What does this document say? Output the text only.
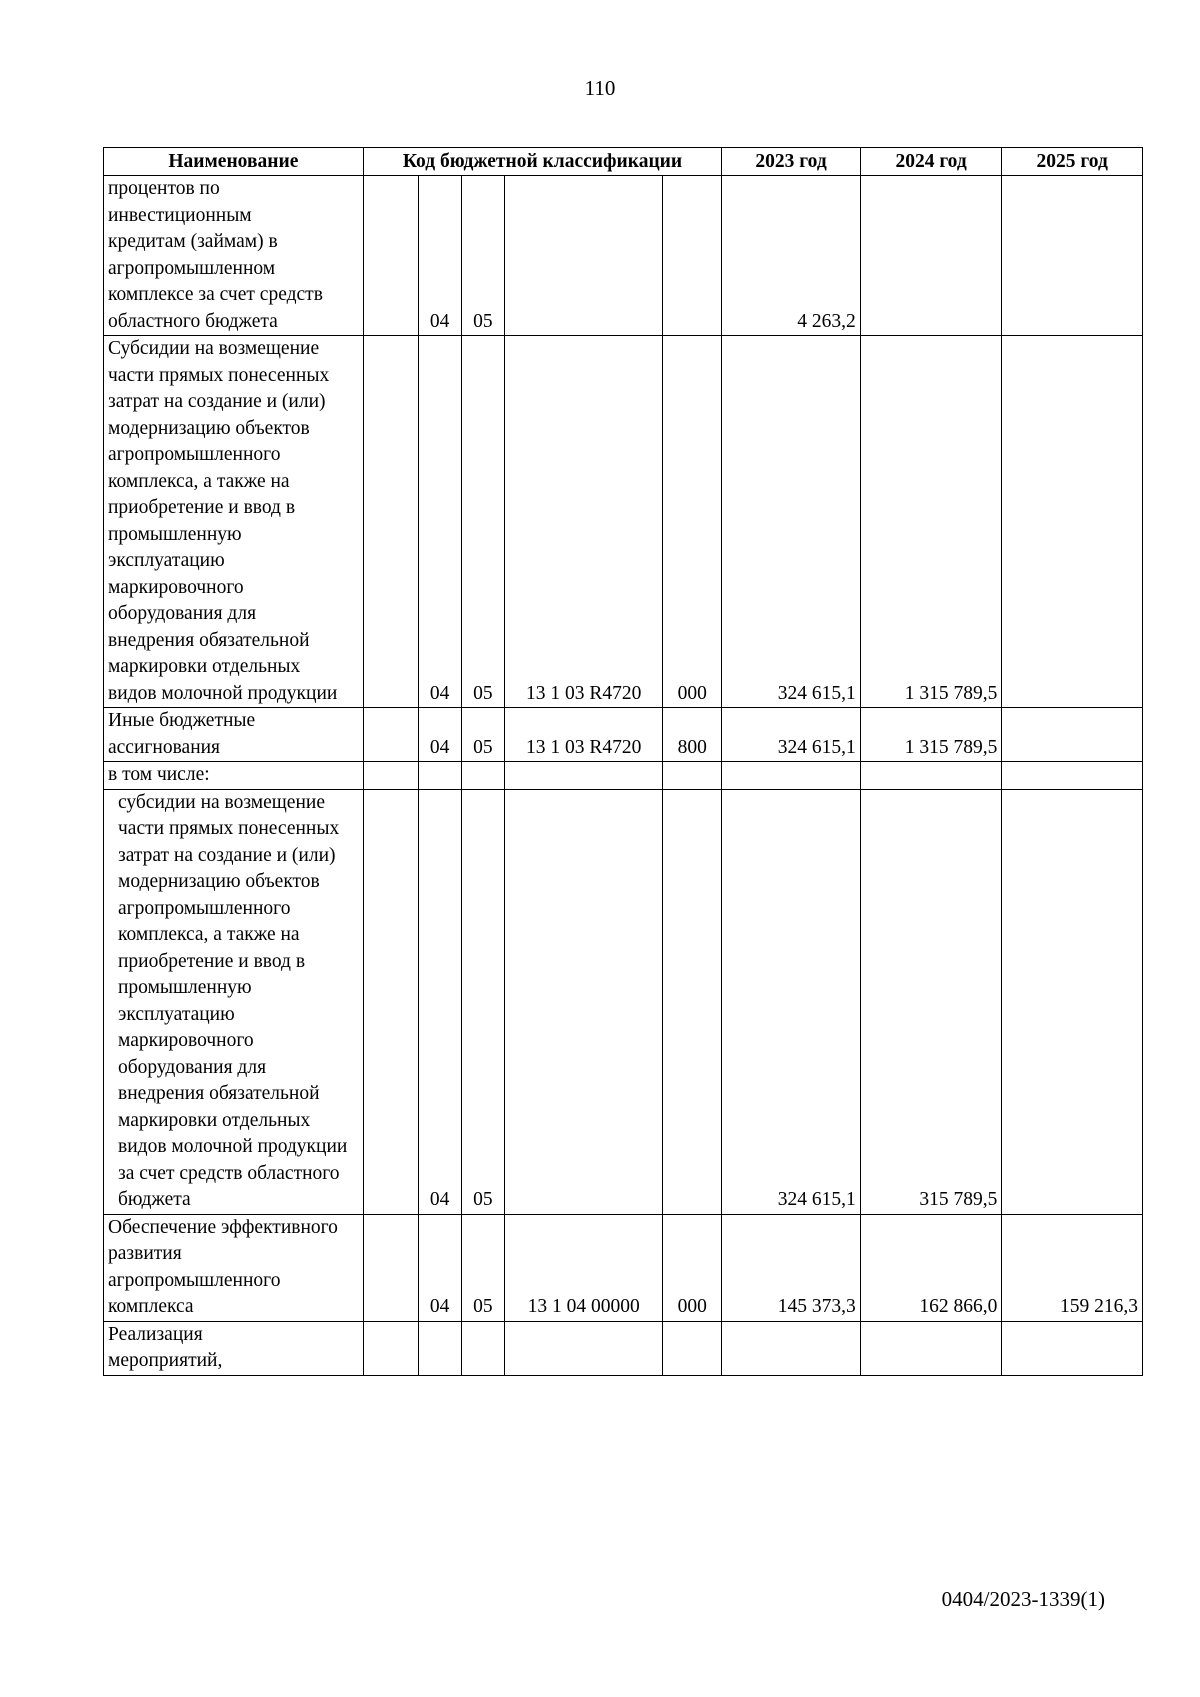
110
Наименование	Код бюджетной классификации					2023 год	2024 год	2025 год

процентов по инвестиционным кредитам (займам) в агропромышленном комплексе за счет средств областного бюджета		04	05			4 263,2		

Субсидии на возмещение части прямых понесенных затрат на создание и (или) модернизацию объектов агропромышленного комплекса, а также на приобретение и ввод в промышленную эксплуатацию маркировочного оборудования для внедрения обязательной маркировки отдельных видов молочной продукции		04	05	13 1 03 R4720	000	324 615,1	1 315 789,5	

Иные бюджетные ассигнования		04	05	13 1 03 R4720	800	324 615,1	1 315 789,5	
в том числе:								

субсидии на возмещение части прямых понесенных затрат на создание и (или) модернизацию объектов агропромышленного комплекса, а также на приобретение и ввод в промышленную эксплуатацию маркировочного оборудования для внедрения обязательной маркировки отдельных видов молочной продукции за счет средств областного бюджета		04	05			324 615,1	315 789,5	

Обеспечение эффективного развития агропромышленного комплекса		04	05	13 1 04 00000	000	145 373,3	162 866,0	159 216,3

Реализация мероприятий,								

0404/2023-1339(1)
